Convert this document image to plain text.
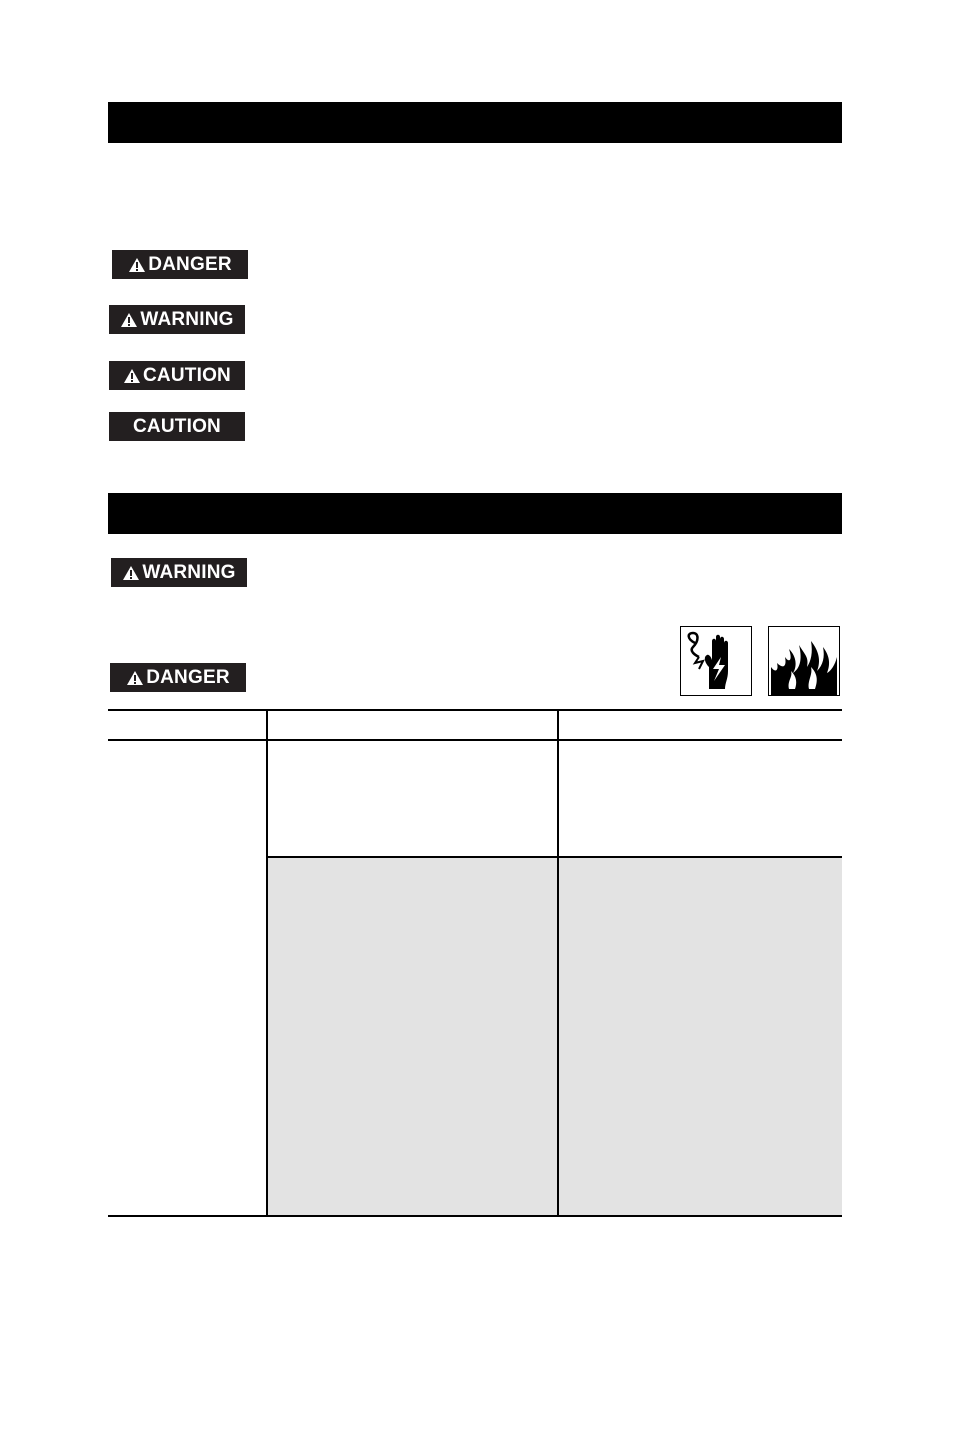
DANGER
WARNING
CAUTION
CAUTION
WARNING
DANGER
